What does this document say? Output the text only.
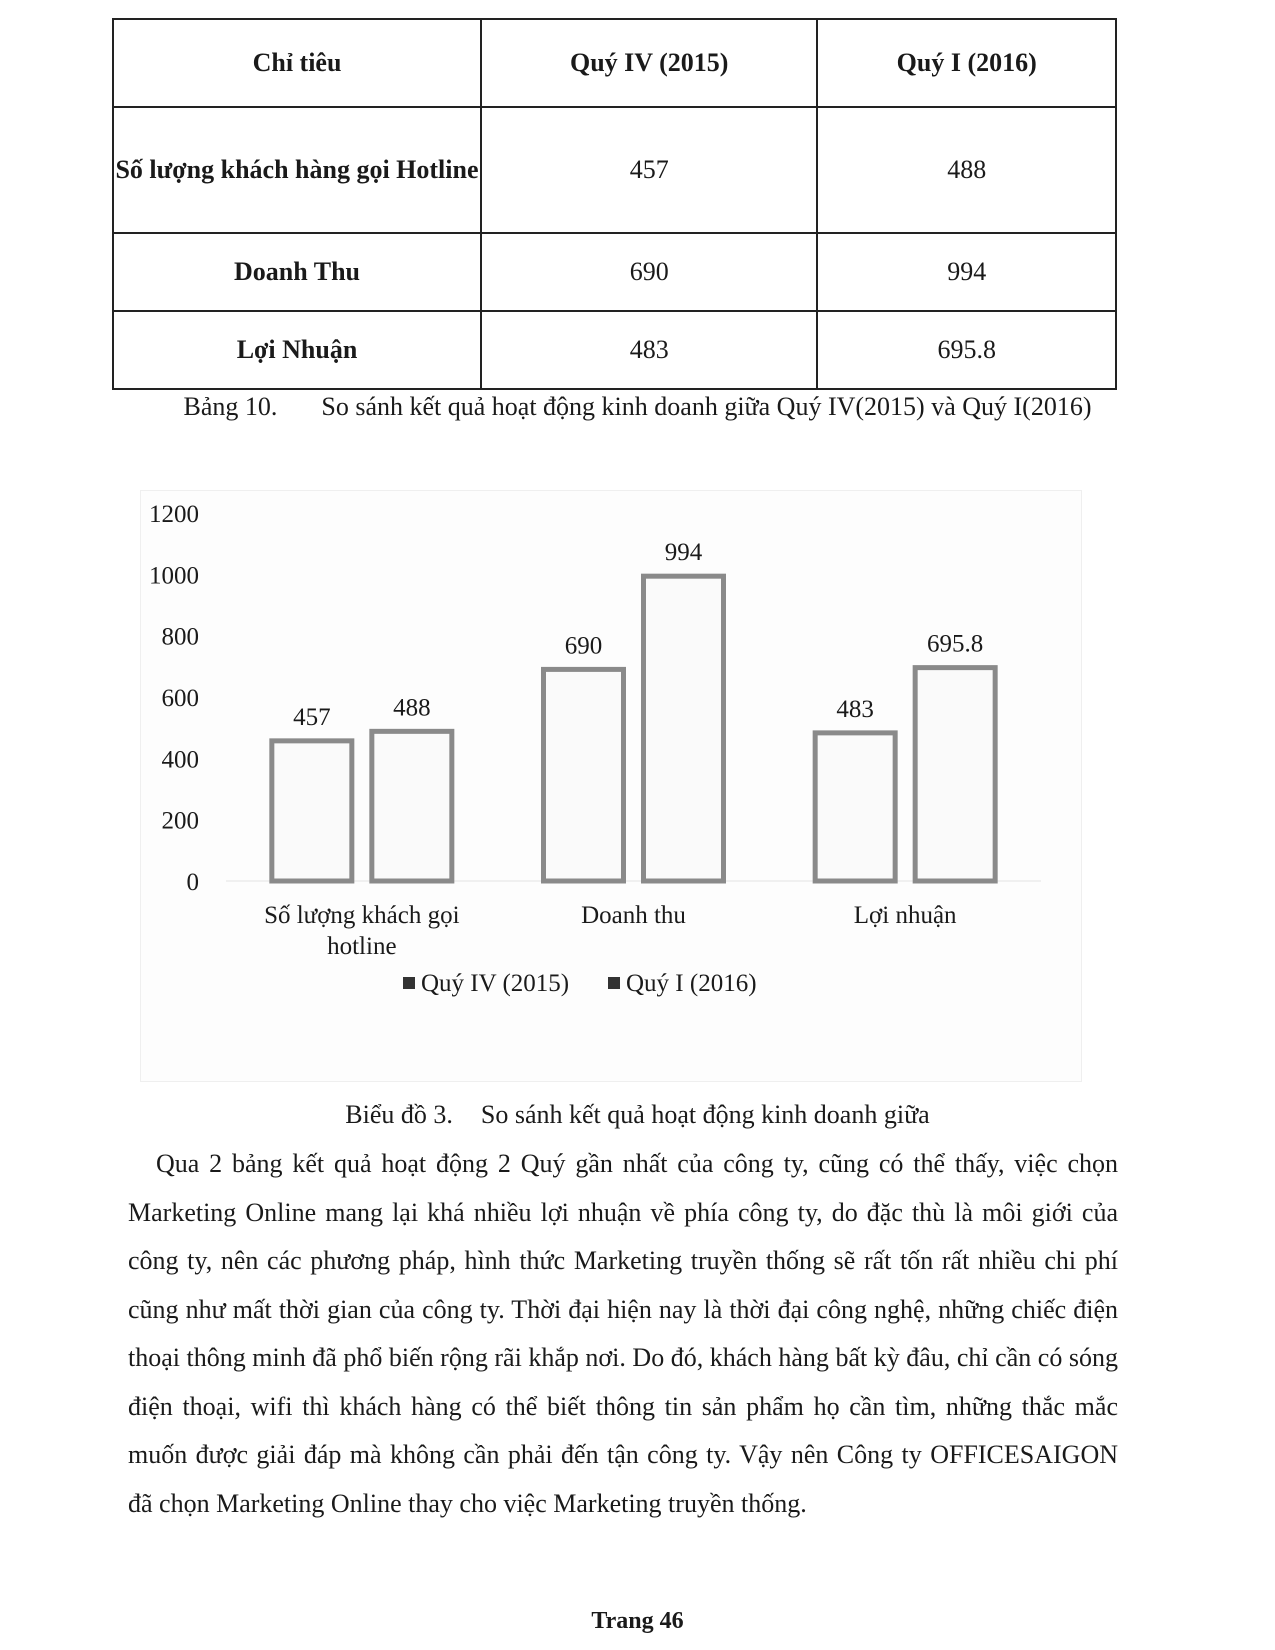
Chỉ tiêu	Quý IV (2015)	Quý I (2016)
Số lượng khách hàng gọi Hotline	457	488
Doanh Thu	690	994
Lợi Nhuận	483	695.8
Bảng 10. So sánh kết quả hoạt động kinh doanh giữa Quý IV(2015) và Quý I(2016)
0
200
400
600
800
1000
1200
457	488
Số lượng khách gọi
hotline
690
994
Doanh thu
483
695.8
Lợi nhuận
Quý IV (2015) Quý I (2016)
Biểu đồ 3. So sánh kết quả hoạt động kinh doanh giữa

Qua 2 bảng kết quả hoạt động 2 Quý gần nhất của công ty, cũng có thể thấy, việc chọn Marketing Online mang lại khá nhiều lợi nhuận về phía công ty, do đặc thù là môi giới của công ty, nên các phương pháp, hình thức Marketing truyền thống sẽ rất tốn rất nhiều chi phí cũng như mất thời gian của công ty. Thời đại hiện nay là thời đại công nghệ, những chiếc điện thoại thông minh đã phổ biến rộng rãi khắp nơi. Do đó, khách hàng bất kỳ đâu, chỉ cần có sóng điện thoại, wifi thì khách hàng có thể biết thông tin sản phẩm họ cần tìm, những thắc mắc muốn được giải đáp mà không cần phải đến tận công ty. Vậy nên Công ty OFFICESAIGON đã chọn Marketing Online thay cho việc Marketing truyền thống.

Trang 46
